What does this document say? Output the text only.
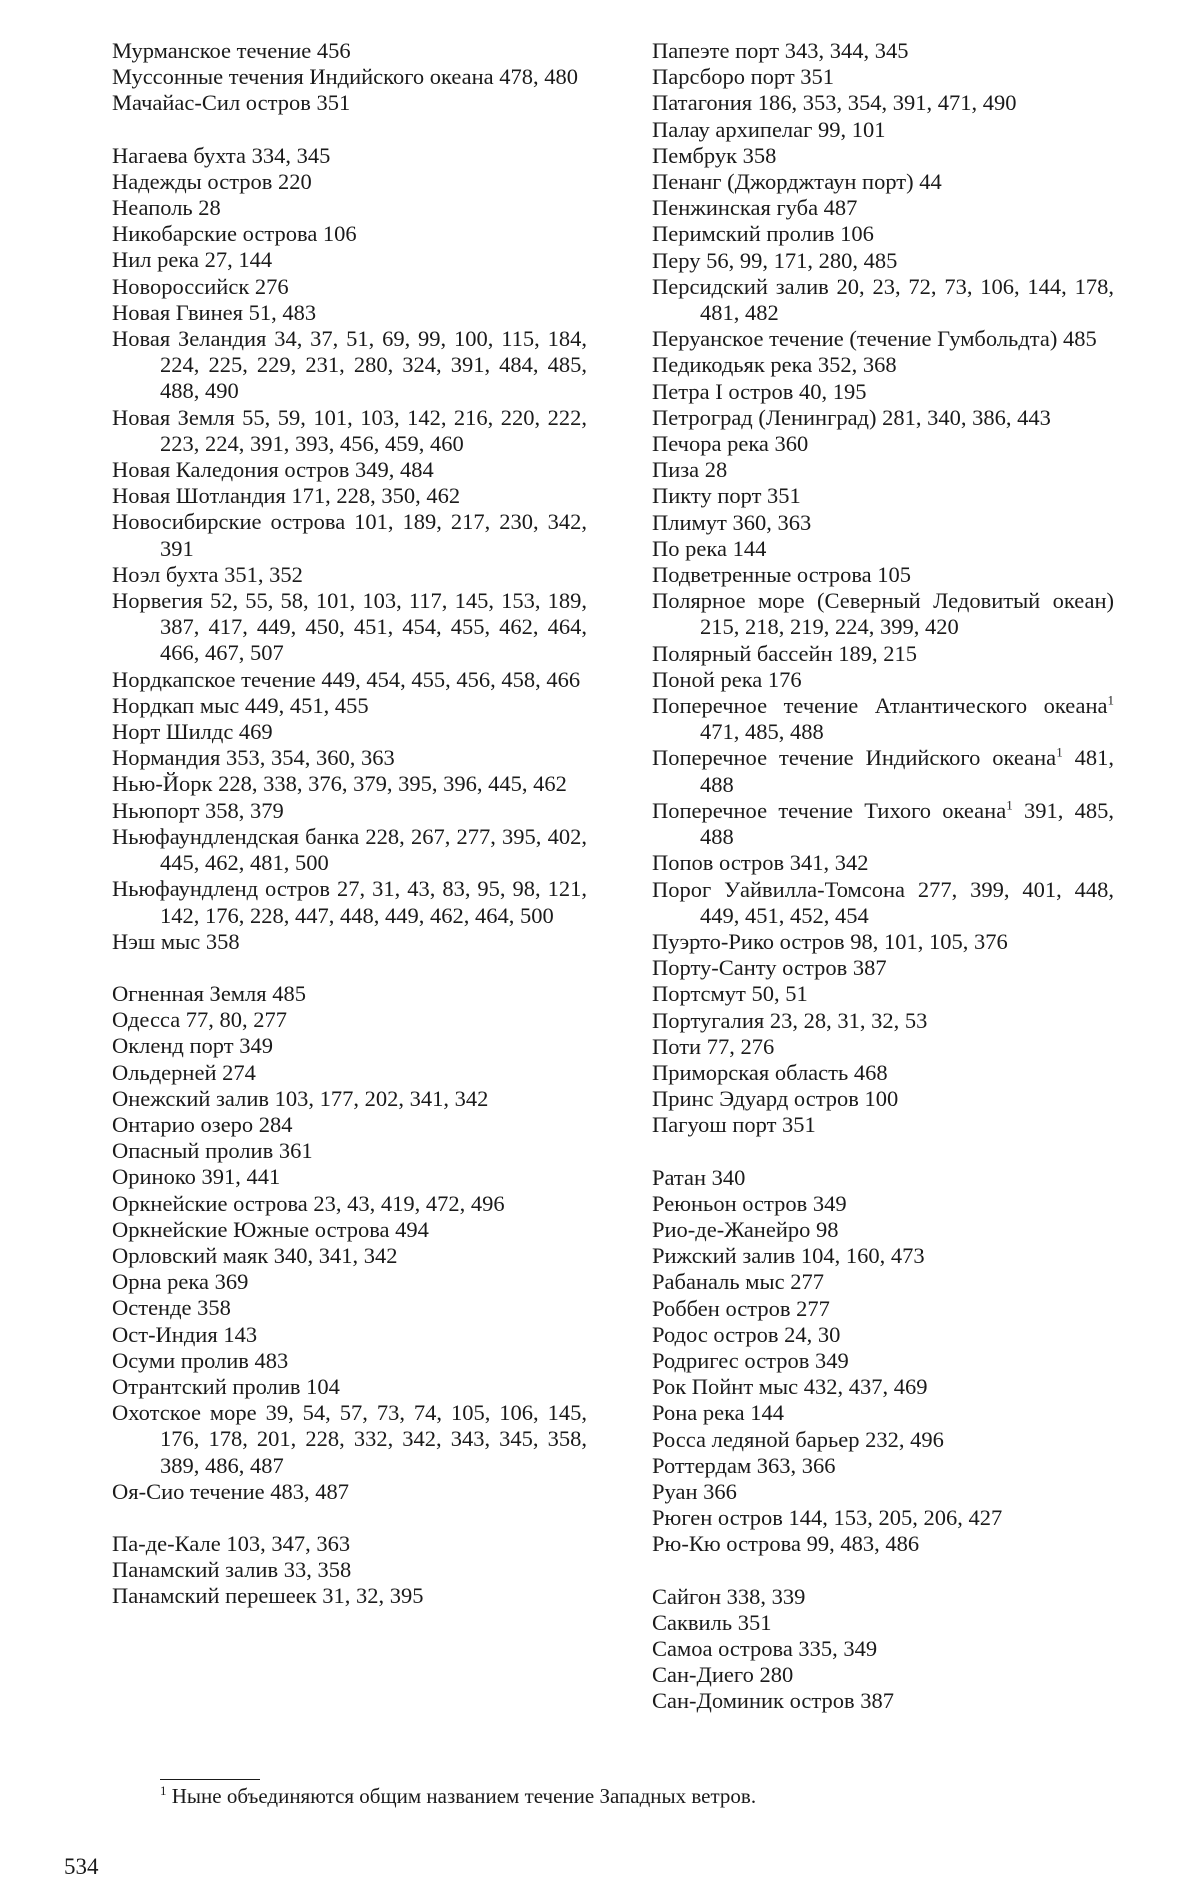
Мурманское течение 456
Муссонные течения Индийского океана 478, 480
Мачайас-Сил остров 351
Нагаева бухта 334, 345
Надежды остров 220
Неаполь 28
Никобарские острова 106
Нил река 27, 144
Новороссийск 276
Новая Гвинея 51, 483
Новая Зеландия 34, 37, 51, 69, 99, 100, 115, 184, 224, 225, 229, 231, 280, 324, 391, 484, 485, 488, 490
Новая Земля 55, 59, 101, 103, 142, 216, 220, 222, 223, 224, 391, 393, 456, 459, 460
Новая Каледония остров 349, 484
Новая Шотландия 171, 228, 350, 462
Новосибирские острова 101, 189, 217, 230, 342, 391
Ноэл бухта 351, 352
Норвегия 52, 55, 58, 101, 103, 117, 145, 153, 189, 387, 417, 449, 450, 451, 454, 455, 462, 464, 466, 467, 507
Нордкапское течение 449, 454, 455, 456, 458, 466
Нордкап мыс 449, 451, 455
Норт Шилдс 469
Нормандия 353, 354, 360, 363
Нью-Йорк 228, 338, 376, 379, 395, 396, 445, 462
Ньюпорт 358, 379
Ньюфаундлендская банка 228, 267, 277, 395, 402, 445, 462, 481, 500
Ньюфаундленд остров 27, 31, 43, 83, 95, 98, 121, 142, 176, 228, 447, 448, 449, 462, 464, 500
Нэш мыс 358
Огненная Земля 485
Одесса 77, 80, 277
Окленд порт 349
Ольдерней 274
Онежский залив 103, 177, 202, 341, 342
Онтарио озеро 284
Опасный пролив 361
Ориноко 391, 441
Оркнейские острова 23, 43, 419, 472, 496
Оркнейские Южные острова 494
Орловский маяк 340, 341, 342
Орна река 369
Остенде 358
Ост-Индия 143
Осуми пролив 483
Отрантский пролив 104
Охотское море 39, 54, 57, 73, 74, 105, 106, 145, 176, 178, 201, 228, 332, 342, 343, 345, 358, 389, 486, 487
Оя-Сио течение 483, 487
Па-де-Кале 103, 347, 363
Панамский залив 33, 358
Панамский перешеек 31, 32, 395
Папеэте порт 343, 344, 345
Парсборо порт 351
Патагония 186, 353, 354, 391, 471, 490
Палау архипелаг 99, 101
Пембрук 358
Пенанг (Джорджтаун порт) 44
Пенжинская губа 487
Перимский пролив 106
Перу 56, 99, 171, 280, 485
Персидский залив 20, 23, 72, 73, 106, 144, 178, 481, 482
Перуанское течение (течение Гумбольдта) 485
Педикодьяк река 352, 368
Петра I остров 40, 195
Петроград (Ленинград) 281, 340, 386, 443
Печора река 360
Пиза 28
Пикту порт 351
Плимут 360, 363
По река 144
Подветренные острова 105
Полярное море (Северный Ледовитый океан) 215, 218, 219, 224, 399, 420
Полярный бассейн 189, 215
Поной река 176
Поперечное течение Атлантического океана$^1$ 471, 485, 488
Поперечное течение Индийского океана$^1$ 481, 488
Поперечное течение Тихого океана$^1$ 391, 485, 488
Попов остров 341, 342
Порог Уайвилла-Томсона 277, 399, 401, 448, 449, 451, 452, 454
Пуэрто-Рико остров 98, 101, 105, 376
Порту-Санту остров 387
Портсмут 50, 51
Португалия 23, 28, 31, 32, 53
Поти 77, 276
Приморская область 468
Принс Эдуард остров 100
Пагуош порт 351
Ратан 340
Реюньон остров 349
Рио-де-Жанейро 98
Рижский залив 104, 160, 473
Рабаналь мыс 277
Роббен остров 277
Родос остров 24, 30
Родригес остров 349
Рок Пойнт мыс 432, 437, 469
Рона река 144
Росса ледяной барьер 232, 496
Роттердам 363, 366
Руан 366
Рюген остров 144, 153, 205, 206, 427
Рю-Кю острова 99, 483, 486
Сайгон 338, 339
Саквиль 351
Самоа острова 335, 349
Сан-Диего 280
Сан-Доминик остров 387
$^1$ Ныне объединяются общим названием течение Западных ветров.
534
